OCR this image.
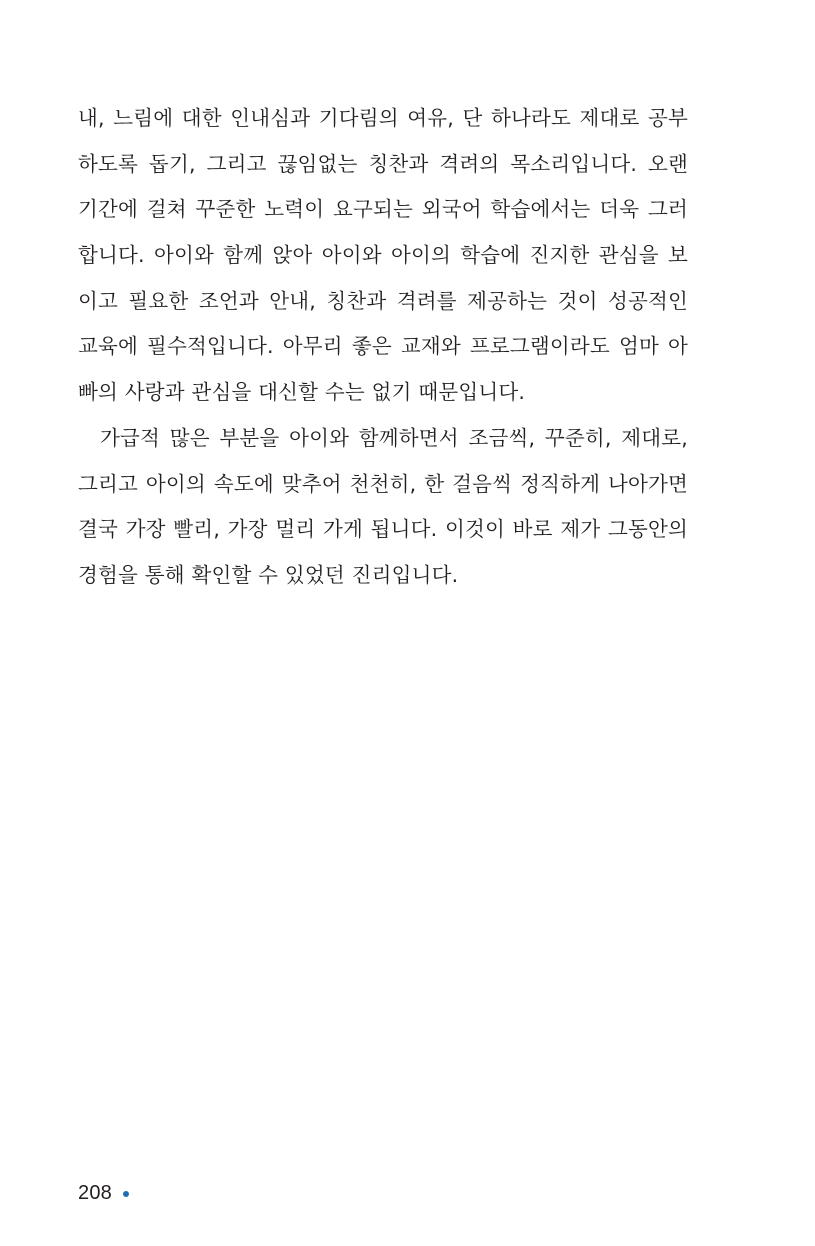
내, 느림에 대한 인내심과 기다림의 여유, 단 하나라도 제대로 공부
하도록 돕기, 그리고 끊임없는 칭찬과 격려의 목소리입니다. 오랜
기간에 걸쳐 꾸준한 노력이 요구되는 외국어 학습에서는 더욱 그러
합니다. 아이와 함께 앉아 아이와 아이의 학습에 진지한 관심을 보
이고 필요한 조언과 안내, 칭찬과 격려를 제공하는 것이 성공적인
교육에 필수적입니다. 아무리 좋은 교재와 프로그램이라도 엄마 아
빠의 사랑과 관심을 대신할 수는 없기 때문입니다.
가급적 많은 부분을 아이와 함께하면서 조금씩, 꾸준히, 제대로,
그리고 아이의 속도에 맞추어 천천히, 한 걸음씩 정직하게 나아가면
결국 가장 빨리, 가장 멀리 가게 됩니다. 이것이 바로 제가 그동안의
경험을 통해 확인할 수 있었던 진리입니다.
208
